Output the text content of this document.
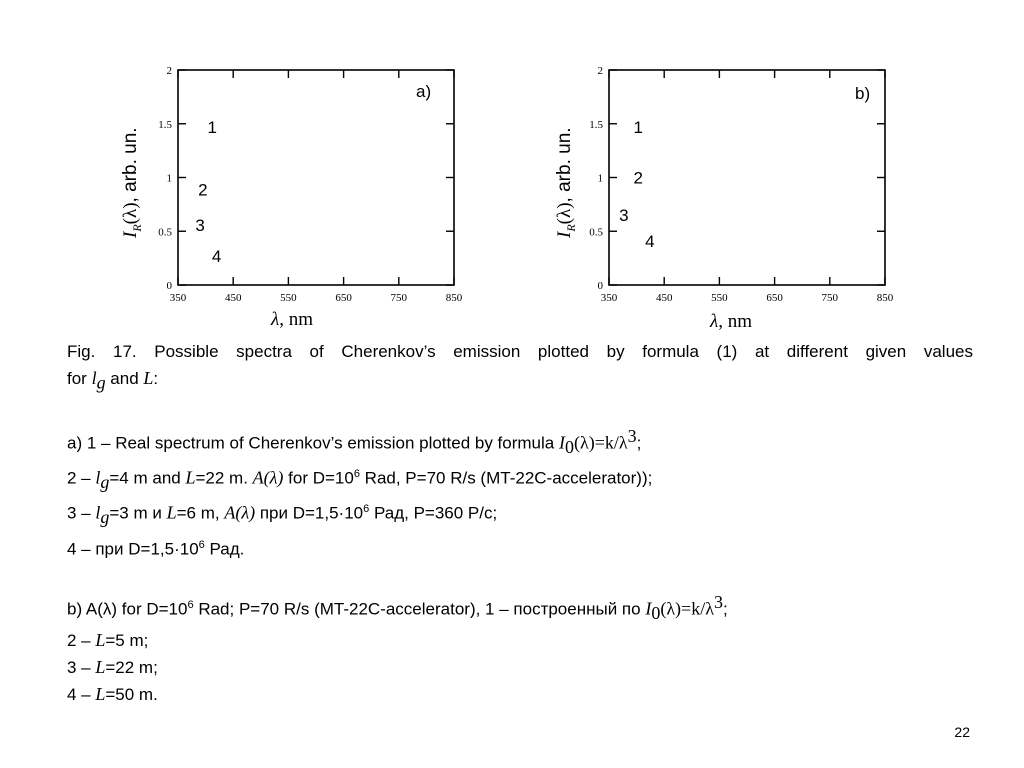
350	450	550	650	750	850
0
0.5
1
1.5
2
1
2
3
4
a)
λ, nm
$I_R(\lambda)$, arb. un.
350	450	550	650	750	850
0
0.5
1
1.5
2
1
2
3
4
b)
λ, nm
$I_R(\lambda)$, arb. un.

Fig. 17. Possible spectra of Cherenkov’s emission plotted by formula (1) at different given values

for $l_g$ and L:

a) 1 – Real spectrum of Cherenkov’s emission plotted by formula $I_0(\lambda)=k/\lambda^3$;

$2 - l_g=4$ m and L=22 m. A(λ) for $D=10^6$ Rad, P=70 R/s (MT-22C-accelerator));

$3 - l_g=3$ m и L=6 m, A(λ) при $D=1,5\cdot 10^6$ Рад, P=360 Р/с;

4 – при $D=1,5\cdot 10^6$ Рад.

b) A(λ) for $D=10^6$ Rad; P=70 R/s (MT-22C-accelerator), 1 – построенный по $I_0(\lambda)=k/\lambda^3$;

2 – L=5 m;

3 – L=22 m;

4 – L=50 m.

22
